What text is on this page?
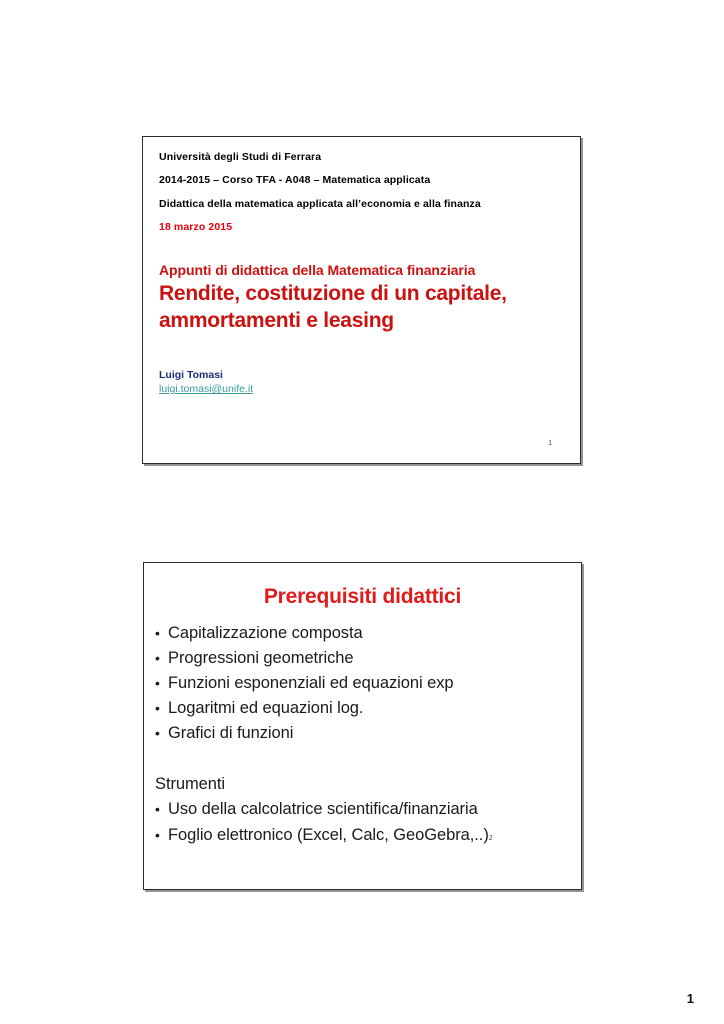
Università degli Studi di Ferrara
2014-2015 – Corso TFA - A048 – Matematica applicata
Didattica della matematica applicata all’economia e alla finanza
18 marzo 2015
Appunti di didattica della Matematica finanziaria
Rendite, costituzione di un capitale, ammortamenti e leasing
Luigi Tomasi
luigi.tomasi@unife.it
1
Prerequisiti didattici
• Capitalizzazione composta
• Progressioni geometriche
• Funzioni esponenziali ed equazioni exp
• Logaritmi ed equazioni log.
• Grafici di funzioni
Strumenti
• Uso della calcolatrice scientifica/finanziaria
• Foglio elettronico (Excel, Calc, GeoGebra,..)2
1
